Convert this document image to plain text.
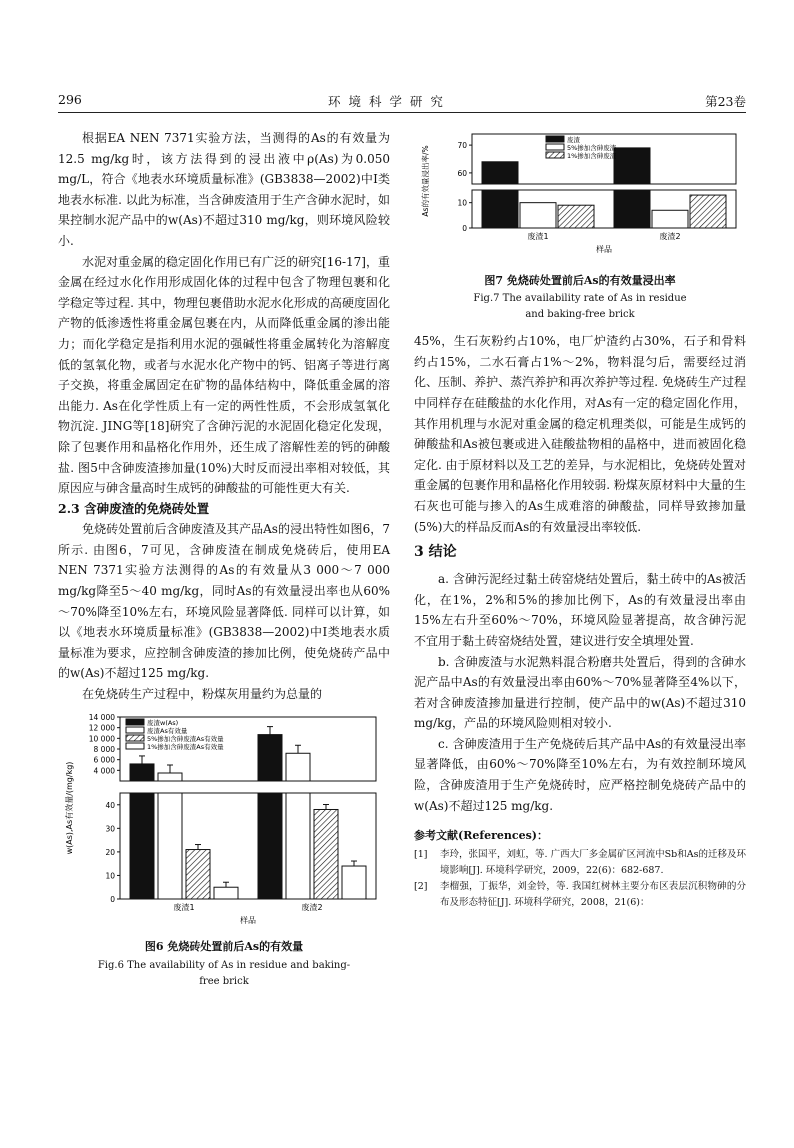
296	环 境 科 学 研 究	第23卷

根据EA NEN 7371实验方法，当测得的As的有效量为12.5 mg/kg时，该方法得到的浸出液中ρ(As)为0.050 mg/L，符合《地表水环境质量标准》(GB3838—2002)中Ⅰ类地表水标准. 以此为标准，当含砷废渣用于生产含砷水泥时，如果控制水泥产品中的w(As)不超过310 mg/kg，则环境风险较小.

水泥对重金属的稳定固化作用已有广泛的研究[16-17]，重金属在经过水化作用形成固化体的过程中包含了物理包裹和化学稳定等过程. 其中，物理包裹借助水泥水化形成的高硬度固化产物的低渗透性将重金属包裹在内，从而降低重金属的渗出能力；而化学稳定是指利用水泥的强碱性将重金属转化为溶解度低的氢氧化物，或者与水泥水化产物中的钙、铝离子等进行离子交换，将重金属固定在矿物的晶体结构中，降低重金属的溶出能力. As在化学性质上有一定的两性性质，不会形成氢氧化物沉淀. JING等[18]研究了含砷污泥的水泥固化稳定化发现，除了包裹作用和晶格化作用外，还生成了溶解性差的钙的砷酸盐. 图5中含砷废渣掺加量(10%)大时反而浸出率相对较低，其原因应与砷含量高时生成钙的砷酸盐的可能性更大有关.

2.3 含砷废渣的免烧砖处置

免烧砖处置前后含砷废渣及其产品As的浸出特性如图6，7所示. 由图6，7可见，含砷废渣在制成免烧砖后，使用EA NEN 7371实验方法测得的As的有效量从3 000～7 000 mg/kg降至5～40 mg/kg，同时As的有效量浸出率也从60%～70%降至10%左右，环境风险显著降低. 同样可以计算，如以《地表水环境质量标准》(GB3838—2002)中Ⅰ类地表水质量标准为要求，应控制含砷废渣的掺加比例，使免烧砖产品中的w(As)不超过125 mg/kg.

在免烧砖生产过程中，粉煤灰用量约为总量的

14 000
12 000
10 000
8 000
6 000
4 000
40
30
20
10
0
w(As),As有效量/(mg/kg)
废渣1	废渣2
样品
废渣w(As)
废渣As有效量
5%掺加含砷废渣As有效量
1%掺加含砷废渣As有效量
图6 免烧砖处置前后As的有效量
Fig.6 The availability of As in residue and baking-free brick
70
60
10
0
As的有效量浸出率/%
废渣1	废渣2
样品
废渣
5%掺加含砷废渣
1%掺加含砷废渣
图7 免烧砖处置前后As的有效量浸出率
Fig.7 The availability rate of As in residue and baking-free brick

45%，生石灰粉约占10%，电厂炉渣约占30%，石子和骨料约占15%，二水石膏占1%～2%，物料混匀后，需要经过消化、压制、养护、蒸汽养护和再次养护等过程. 免烧砖生产过程中同样存在硅酸盐的水化作用，对As有一定的稳定固化作用，其作用机理与水泥对重金属的稳定机理类似，可能是生成钙的砷酸盐和As被包裹或进入硅酸盐物相的晶格中，进而被固化稳定化. 由于原材料以及工艺的差异，与水泥相比，免烧砖处置对重金属的包裹作用和晶格化作用较弱. 粉煤灰原材料中大量的生石灰也可能与掺入的As生成难溶的砷酸盐，同样导致掺加量(5%)大的样品反而As的有效量浸出率较低.

3 结论

a. 含砷污泥经过黏土砖窑烧结处置后，黏土砖中的As被活化，在1%，2%和5%的掺加比例下，As的有效量浸出率由15%左右升至60%～70%，环境风险显著提高，故含砷污泥不宜用于黏土砖窑烧结处置，建议进行安全填埋处置.

b. 含砷废渣与水泥熟料混合粉磨共处置后，得到的含砷水泥产品中As的有效量浸出率由60%～70%显著降至4%以下，若对含砷废渣掺加量进行控制，使产品中的w(As)不超过310 mg/kg，产品的环境风险则相对较小.

c. 含砷废渣用于生产免烧砖后其产品中As的有效量浸出率显著降低，由60%～70%降至10%左右，为有效控制环境风险，含砷废渣用于生产免烧砖时，应严格控制免烧砖产品中的w(As)不超过125 mg/kg.

参考文献(References)：
[1]	李玲，张国平，刘虹，等. 广西大厂多金属矿区河流中Sb和As的迁移及环境影响[J]. 环境科学研究，2009，22(6)：682-687.
[2]	李榴强，丁振华，刘金铃，等. 我国红树林主要分布区表层沉积物砷的分布及形态特征[J]. 环境科学研究，2008，21(6)：
